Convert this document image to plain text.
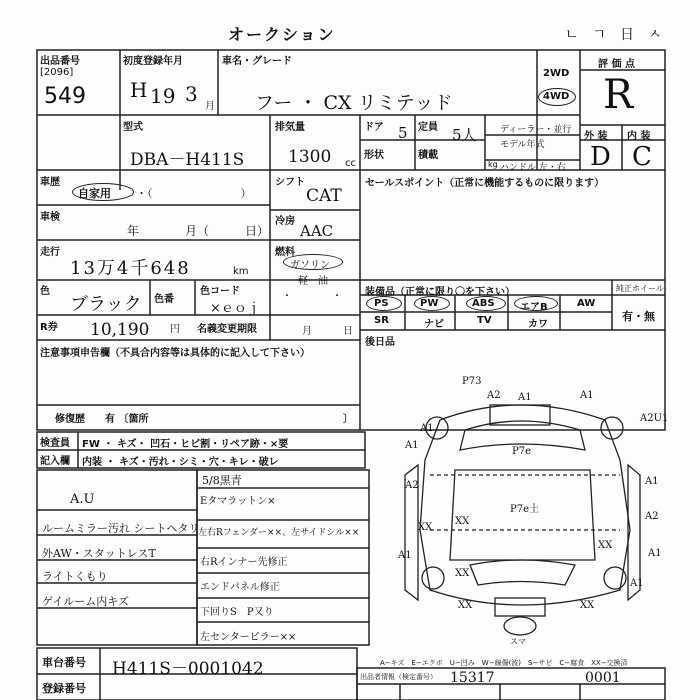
オークション	ㄴ　ㄱ　日　ㅅ
出品番号
[2096]
549
初度登録年月
H 19 3
月
車名・グレード
フー ・ CX リミテッド
2WD
4WD
評 価 点
R
型式
DBA－H411S
排気量
1300 cc
ドア 5 定員 5人
形状	積載
kg
ディーラー・並行
モデル年式
ハンドル 左・右
外 装 内 装
D C
車歴
自家用 ・（　　　　　　　　）
シフト
CAT
セールスポイント（正常に機能するものに限ります）
車検
年	月（	日）
冷房
AAC
走行
13万4千648	km
燃料
ガソリン
軽　油
・　　　　・
色
ブラック 色番
色コード
×ｅｏｊ
装備品（正常に限り〇を下さい）
PS	PW	ABS	エアB	AW
SR	ナビ	TV	カワ
純正ホイール
有・無
R券 10,190 円 名義変更期限	月	日
後日品
注意事項申告欄（不具合内容等は具体的に記入して下さい）
修復歴　　有 〔箇所	〕
検査員
記入欄
FW ・ キズ・ 凹石・ヒビ割・リペア跡・×要
内装 ・ キズ・汚れ・シミ・穴・キレ・破レ
A.U
ルームミラー汚れ シートヘタリ
外AW・スタットレスT
ライトくもり
ゲイルーム内キズ
5/8黒青
Eタマラットン×
左右Rフェンダー××、左サイドシル××
右Rインナー先修正
エンドパネル修正
下回りS　P又り
左センターピラー××
P73
A2 A1	A1
P7e
A2
XX
P7e土
XX	A2
A1
XX
A1
A1
A1
XX	XX
A2U1
A1
XX
A1
スマ
A−キズ　E−エクボ　U−凹み　W−線傷(波)　S−サビ　C−腐食　XX−交換済
車台番号 H411S－0001042
登録番号
出品者情報（検定番号） 15317	0001
